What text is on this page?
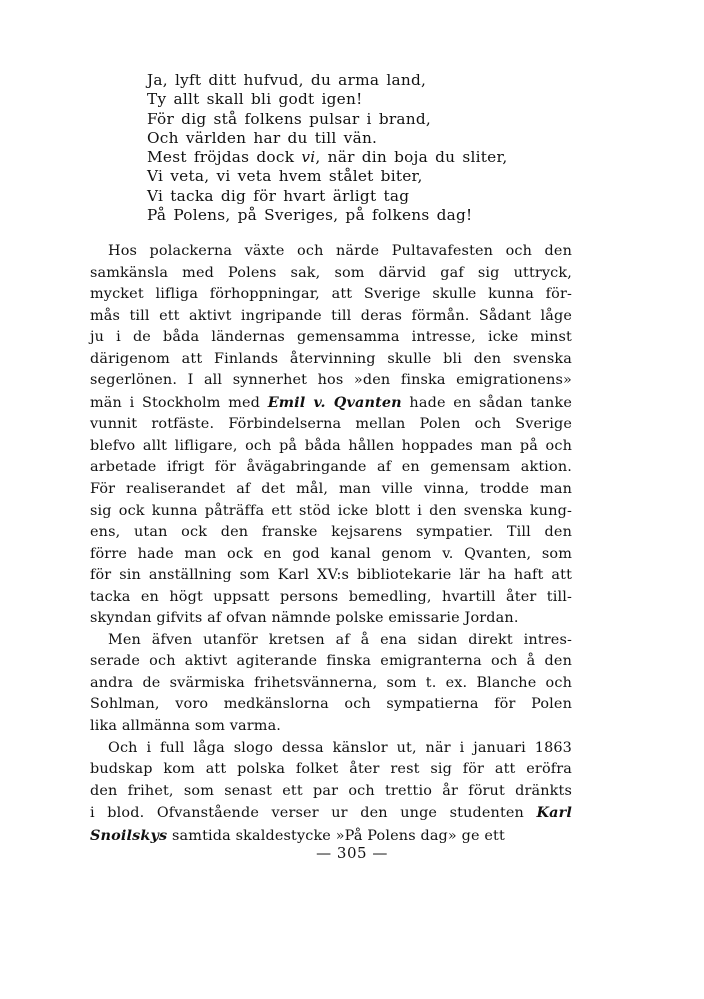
Ja, lyft ditt hufvud, du arma land,
Ty allt skall bli godt igen!
För dig stå folkens pulsar i brand,
Och världen har du till vän.
Mest fröjdas dock vi, när din boja du sliter,
Vi veta, vi veta hvem stålet biter,
Vi tacka dig för hvart ärligt tag
På Polens, på Sveriges, på folkens dag!
Hos polackerna växte och närde Pultavafesten och den
samkänsla med Polens sak, som därvid gaf sig uttryck,
mycket lifliga förhoppningar, att Sverige skulle kunna för-
mås till ett aktivt ingripande till deras förmån. Sådant låge
ju i de båda ländernas gemensamma intresse, icke minst
därigenom att Finlands återvinning skulle bli den svenska
segerlönen. I all synnerhet hos »den finska emigrationens»
män i Stockholm med Emil v. Qvanten hade en sådan tanke
vunnit rotfäste. Förbindelserna mellan Polen och Sverige
blefvo allt lifligare, och på båda hållen hoppades man på och
arbetade ifrigt för åvägabringande af en gemensam aktion.
För realiserandet af det mål, man ville vinna, trodde man
sig ock kunna påträffa ett stöd icke blott i den svenska kung-
ens, utan ock den franske kejsarens sympatier. Till den
förre hade man ock en god kanal genom v. Qvanten, som
för sin anställning som Karl XV:s bibliotekarie lär ha haft att
tacka en högt uppsatt persons bemedling, hvartill åter till-
skyndan gifvits af ofvan nämnde polske emissarie Jordan.
Men äfven utanför kretsen af å ena sidan direkt intres-
serade och aktivt agiterande finska emigranterna och å den
andra de svärmiska frihetsvännerna, som t. ex. Blanche och
Sohlman, voro medkänslorna och sympatierna för Polen
lika allmänna som varma.
Och i full låga slogo dessa känslor ut, när i januari 1863
budskap kom att polska folket åter rest sig för att eröfra
den frihet, som senast ett par och trettio år förut dränkts
i blod. Ofvanstående verser ur den unge studenten Karl
Snoilskys samtida skaldestycke »På Polens dag» ge ett
— 305 —
